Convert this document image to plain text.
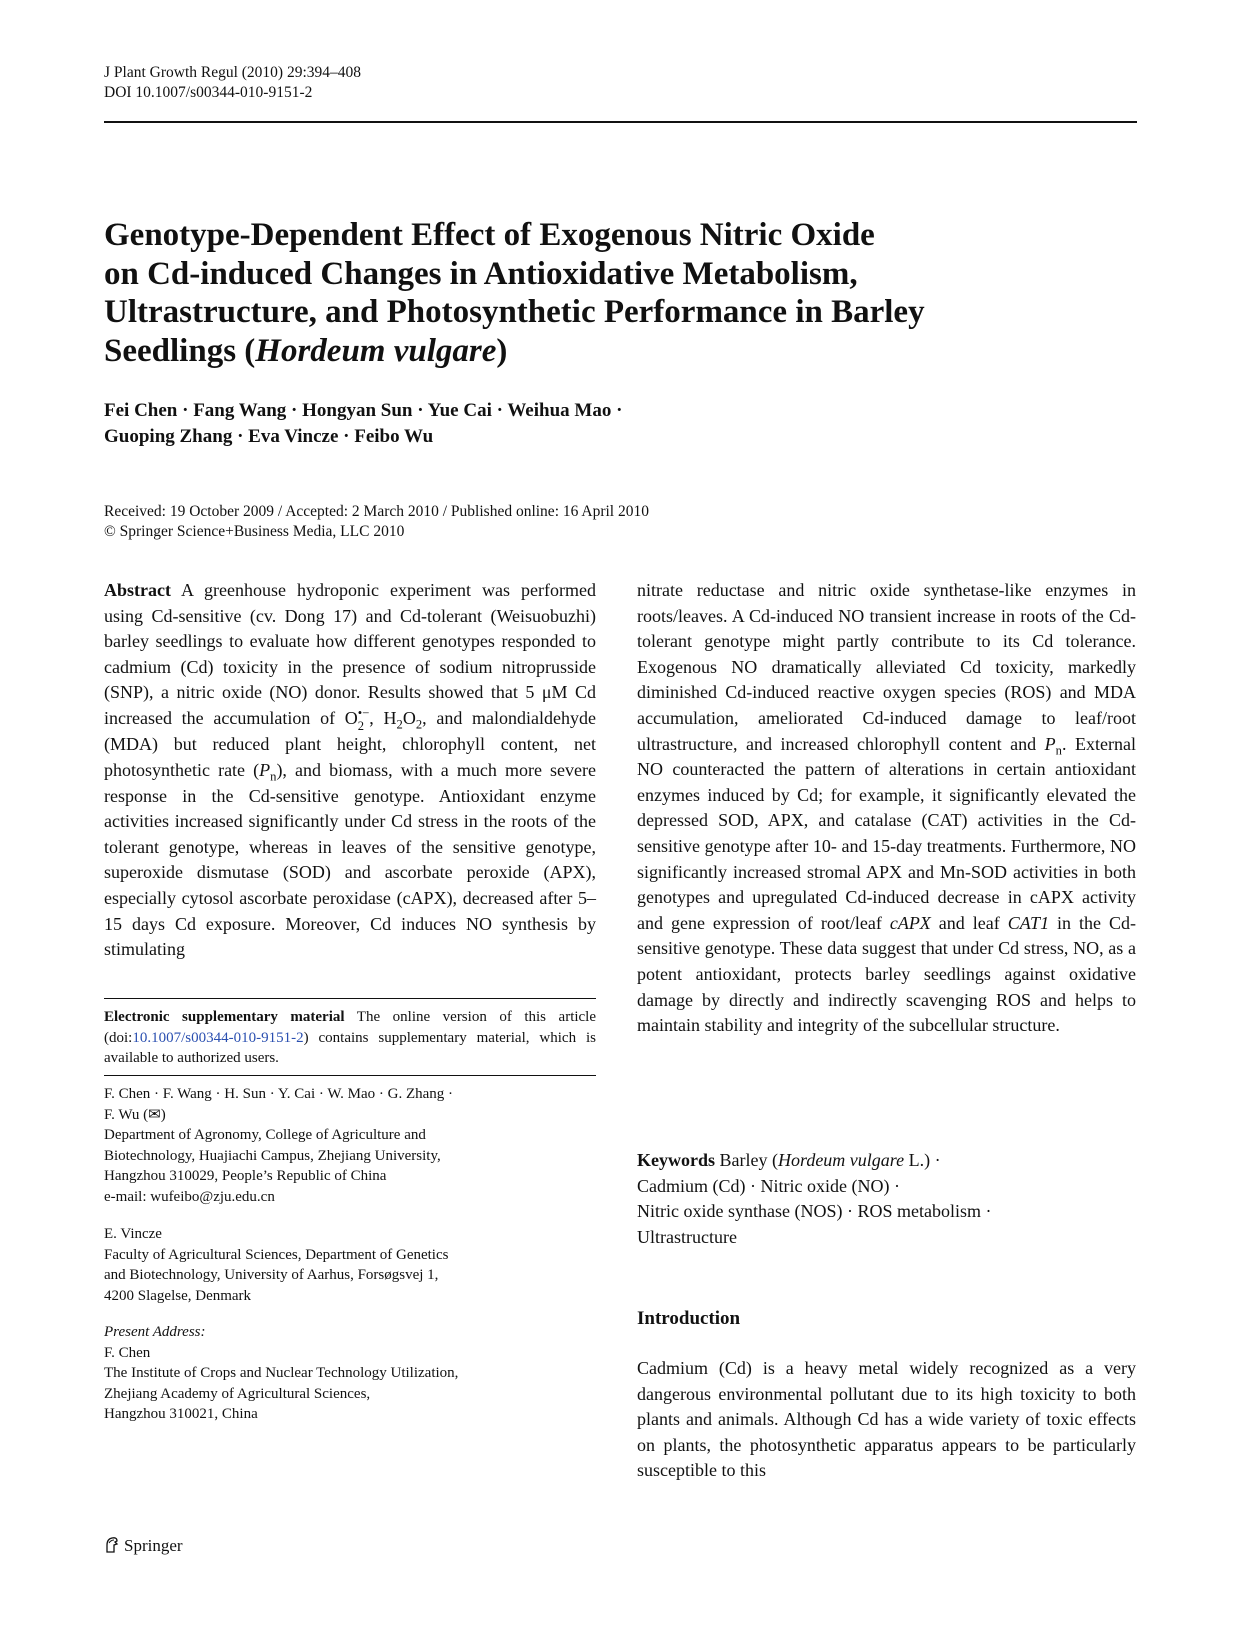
J Plant Growth Regul (2010) 29:394–408
DOI 10.1007/s00344-010-9151-2
Genotype-Dependent Effect of Exogenous Nitric Oxide
on Cd-induced Changes in Antioxidative Metabolism,
Ultrastructure, and Photosynthetic Performance in Barley
Seedlings (Hordeum vulgare)
Fei Chen · Fang Wang · Hongyan Sun · Yue Cai · Weihua Mao ·
Guoping Zhang · Eva Vincze · Feibo Wu
Received: 19 October 2009 / Accepted: 2 March 2010 / Published online: 16 April 2010
© Springer Science+Business Media, LLC 2010
Abstract A greenhouse hydroponic experiment was performed using Cd-sensitive (cv. Dong 17) and Cd-tolerant (Weisuobuzhi) barley seedlings to evaluate how different genotypes responded to cadmium (Cd) toxicity in the presence of sodium nitroprusside (SNP), a nitric oxide (NO) donor. Results showed that 5 μM Cd increased the accumulation of O •−
2 , $H_2O_2$, and malondialdehyde (MDA) but reduced plant height, chlorophyll content, net photosynthetic rate $(P_n)$, and biomass, with a much more severe response in the Cd-sensitive genotype. Antioxidant enzyme activities increased significantly under Cd stress in the roots of the tolerant genotype, whereas in leaves of the sensitive genotype, superoxide dismutase (SOD) and ascorbate peroxide (APX), especially cytosol ascorbate peroxidase (cAPX), decreased after 5–15 days Cd exposure. Moreover, Cd induces NO synthesis by stimulating
Electronic supplementary material The online version of this article (doi:10.1007/s00344-010-9151-2) contains supplementary material, which is available to authorized users.
F. Chen · F. Wang · H. Sun · Y. Cai · W. Mao · G. Zhang ·
F. Wu (✉)
Department of Agronomy, College of Agriculture and
Biotechnology, Huajiachi Campus, Zhejiang University,
Hangzhou 310029, People’s Republic of China
e-mail: wufeibo@zju.edu.cn
E. Vincze
Faculty of Agricultural Sciences, Department of Genetics
and Biotechnology, University of Aarhus, Forsøgsvej 1,
4200 Slagelse, Denmark
Present Address:
F. Chen
The Institute of Crops and Nuclear Technology Utilization,
Zhejiang Academy of Agricultural Sciences,
Hangzhou 310021, China
nitrate reductase and nitric oxide synthetase-like enzymes in roots/leaves. A Cd-induced NO transient increase in roots of the Cd-tolerant genotype might partly contribute to its Cd tolerance. Exogenous NO dramatically alleviated Cd toxicity, markedly diminished Cd-induced reactive oxygen species (ROS) and MDA accumulation, ameliorated Cd-induced damage to leaf/root ultrastructure, and increased chlorophyll content and $P_n$. External NO counteracted the pattern of alterations in certain antioxidant enzymes induced by Cd; for example, it significantly elevated the depressed SOD, APX, and catalase (CAT) activities in the Cd-sensitive genotype after 10- and 15-day treatments. Furthermore, NO significantly increased stromal APX and Mn-SOD activities in both genotypes and upregulated Cd-induced decrease in cAPX activity and gene expression of root/leaf cAPX and leaf CAT1 in the Cd-sensitive genotype. These data suggest that under Cd stress, NO, as a potent antioxidant, protects barley seedlings against oxidative damage by directly and indirectly scavenging ROS and helps to maintain stability and integrity of the subcellular structure.
Keywords Barley (Hordeum vulgare L.) ·
Cadmium (Cd) · Nitric oxide (NO) ·
Nitric oxide synthase (NOS) · ROS metabolism ·
Ultrastructure
Introduction
Cadmium (Cd) is a heavy metal widely recognized as a very dangerous environmental pollutant due to its high toxicity to both plants and animals. Although Cd has a wide variety of toxic effects on plants, the photosynthetic apparatus appears to be particularly susceptible to this
Springer
